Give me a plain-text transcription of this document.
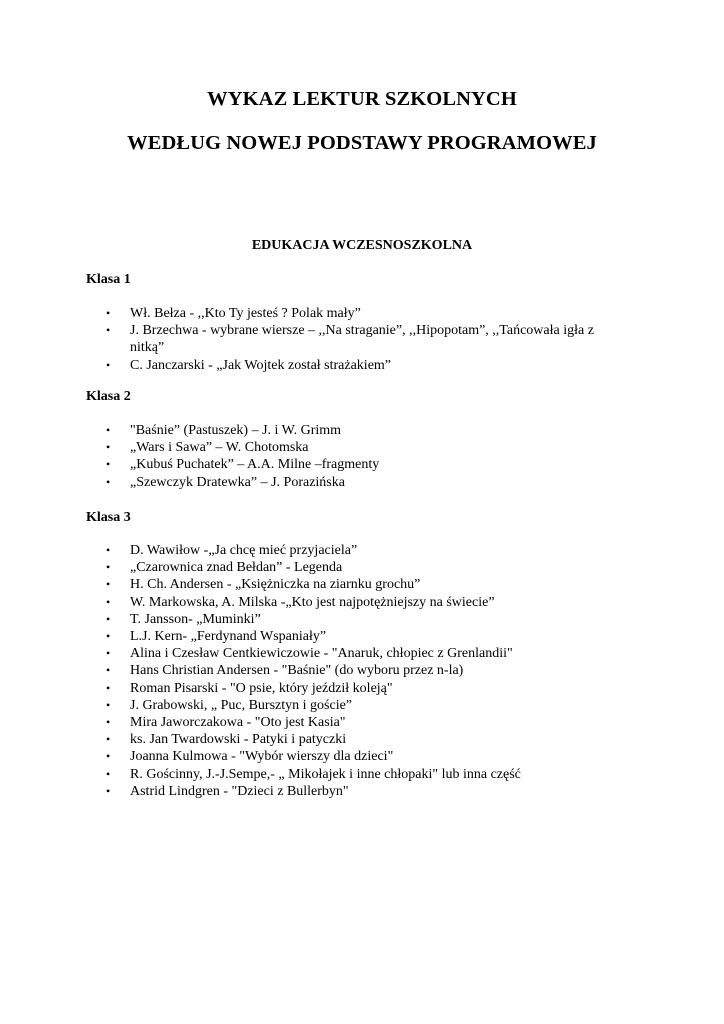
WYKAZ LEKTUR SZKOLNYCH
WEDŁUG NOWEJ PODSTAWY PROGRAMOWEJ
EDUKACJA WCZESNOSZKOLNA
Klasa 1
•	Wł. Bełza - ,,Kto Ty jesteś ? Polak mały”
•	J. Brzechwa - wybrane wiersze – ,,Na straganie”, ,,Hipopotam”, ,,Tańcowała igła z nitką”
•	C. Janczarski - „Jak Wojtek został strażakiem”
Klasa 2
•	"Baśnie” (Pastuszek) – J. i W. Grimm
•	„Wars i Sawa” – W. Chotomska
•	„Kubuś Puchatek” – A.A. Milne –fragmenty
•	„Szewczyk Dratewka” – J. Porazińska
Klasa 3
•	D. Wawiłow -„Ja chcę mieć przyjaciela”
•	„Czarownica znad Bełdan” - Legenda
•	H. Ch. Andersen - „Księżniczka na ziarnku grochu”
•	W. Markowska, A. Milska -„Kto jest najpotężniejszy na świecie”
•	T. Jansson- „Muminki”
•	L.J. Kern- „Ferdynand Wspaniały”
•	Alina i Czesław Centkiewiczowie - "Anaruk, chłopiec z Grenlandii"
•	Hans Christian Andersen - "Baśnie" (do wyboru przez n-la)
•	Roman Pisarski - "O psie, który jeździł koleją"
•	J. Grabowski, „ Puc, Bursztyn i goście”
•	Mira Jaworczakowa - "Oto jest Kasia"
•	ks. Jan Twardowski - Patyki i patyczki
•	Joanna Kulmowa - "Wybór wierszy dla dzieci"
•	R. Gościnny, J.-J.Sempe,- „ Mikołajek i inne chłopaki" lub inna część
•	Astrid Lindgren - "Dzieci z Bullerbyn"
